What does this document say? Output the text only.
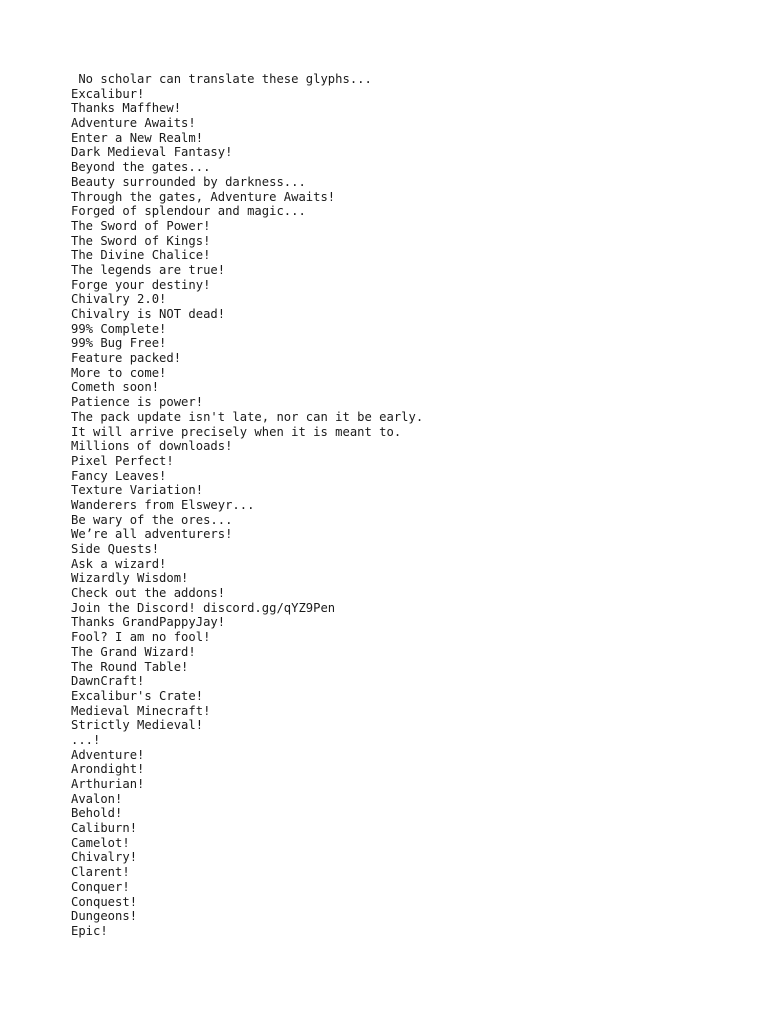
No scholar can translate these glyphs...
Excalibur!
Thanks Maffhew!
Adventure Awaits!
Enter a New Realm!
Dark Medieval Fantasy!
Beyond the gates...
Beauty surrounded by darkness...
Through the gates, Adventure Awaits!
Forged of splendour and magic...
The Sword of Power!
The Sword of Kings!
The Divine Chalice!
The legends are true!
Forge your destiny!
Chivalry 2.0!
Chivalry is NOT dead!
99% Complete!
99% Bug Free!
Feature packed!
More to come!
Cometh soon!
Patience is power!
The pack update isn't late, nor can it be early.
It will arrive precisely when it is meant to.
Millions of downloads!
Pixel Perfect!
Fancy Leaves!
Texture Variation!
Wanderers from Elsweyr...
Be wary of the ores...
We’re all adventurers!
Side Quests!
Ask a wizard!
Wizardly Wisdom!
Check out the addons!
Join the Discord! discord.gg/qYZ9Pen
Thanks GrandPappyJay!
Fool? I am no fool!
The Grand Wizard!
The Round Table!
DawnCraft!
Excalibur's Crate!
Medieval Minecraft!
Strictly Medieval!
...!
Adventure!
Arondight!
Arthurian!
Avalon!
Behold!
Caliburn!
Camelot!
Chivalry!
Clarent!
Conquer!
Conquest!
Dungeons!
Epic!
